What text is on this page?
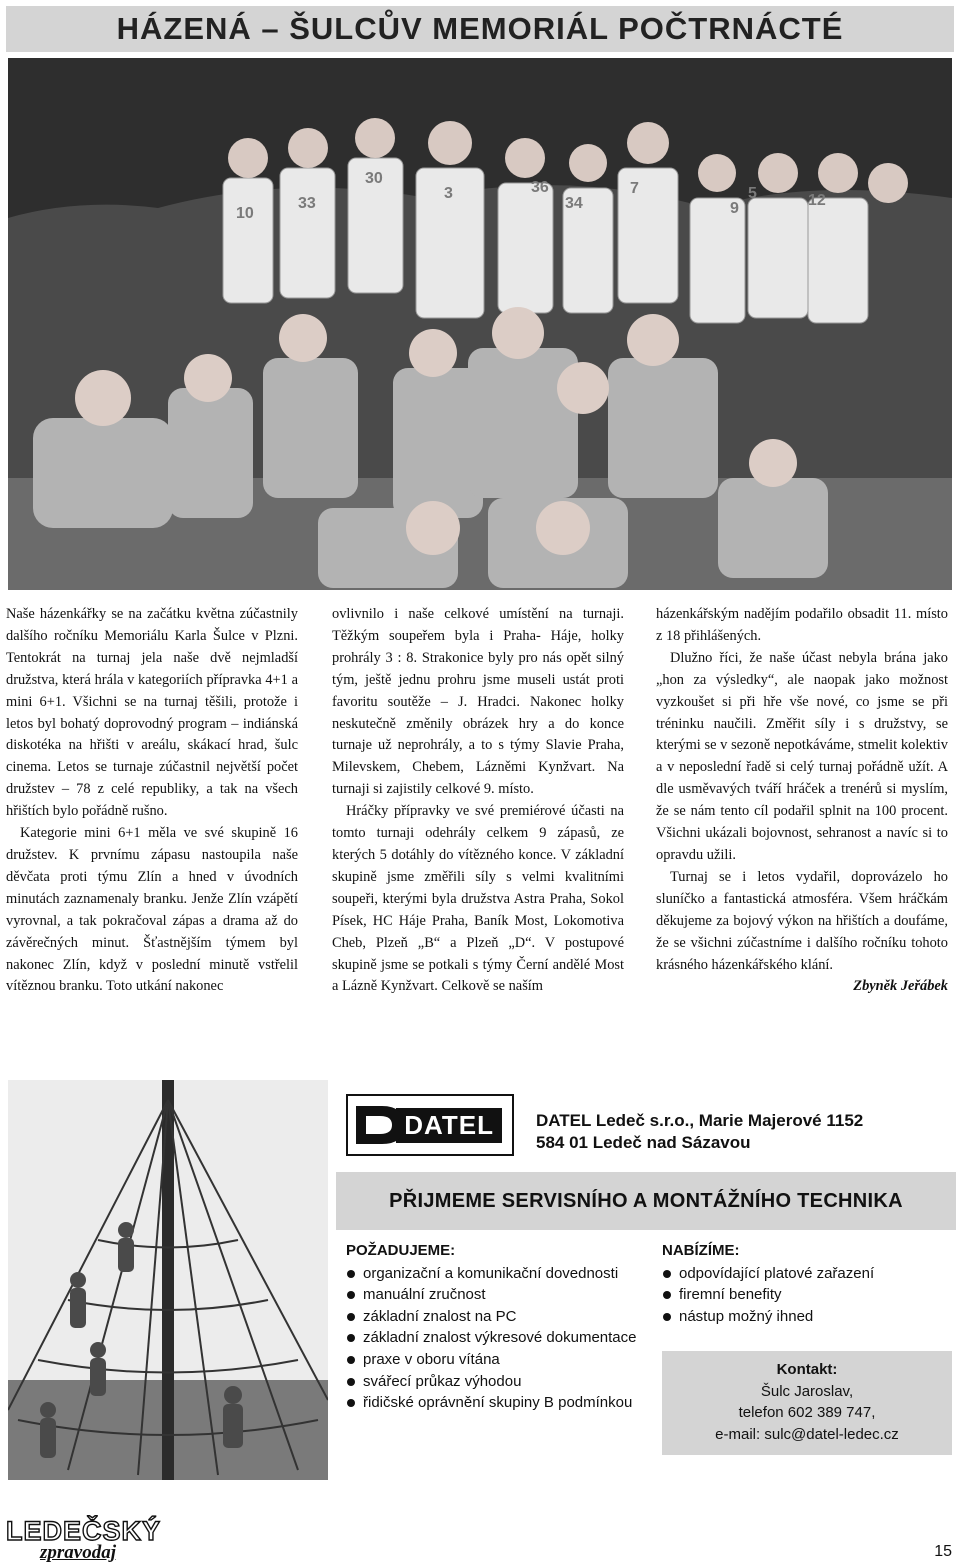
HÁZENÁ – ŠULCŮV MEMORIÁL POČTRNÁCTÉ
10
33
30
3	36
34
7
9
5	12

Naše házenkářky se na začátku května zúčastnily dalšího ročníku Memoriálu Karla Šulce v Plzni. Tentokrát na turnaj jela naše dvě nejmladší družstva, která hrála v kategoriích přípravka 4+1 a mini 6+1. Všichni se na turnaj těšili, protože i letos byl bohatý doprovodný program – indiánská diskotéka na hřišti v areálu, skákací hrad, šulc cinema. Letos se turnaje zúčastnil největší počet družstev – 78 z celé republiky, a tak na všech hřištích bylo pořádně rušno.

Kategorie mini 6+1 měla ve své skupině 16 družstev. K prvnímu zápasu nastoupila naše děvčata proti týmu Zlín a hned v úvodních minutách zaznamenaly branku. Jenže Zlín vzápětí vyrovnal, a tak pokračoval zápas a drama až do závěrečných minut. Šťastnějším týmem byl nakonec Zlín, když v poslední minutě vstřelil vítěznou branku. Toto utkání nakonec

ovlivnilo i naše celkové umístění na turnaji. Těžkým soupeřem byla i Praha- Háje, holky prohrály 3 : 8. Strakonice byly pro nás opět silný tým, ještě jednu prohru jsme museli ustát proti favoritu soutěže – J. Hradci. Nakonec holky neskutečně změnily obrázek hry a do konce turnaje už neprohrály, a to s týmy Slavie Praha, Milevskem, Chebem, Lázněmi Kynžvart. Na turnaji si zajistily celkové 9. místo.

Hráčky přípravky ve své premiérové účasti na tomto turnaji odehrály celkem 9 zápasů, ze kterých 5 dotáhly do vítězného konce. V základní skupině jsme změřili síly s velmi kvalitními soupeři, kterými byla družstva Astra Praha, Sokol Písek, HC Háje Praha, Baník Most, Lokomotiva Cheb, Plzeň „B“ a Plzeň „D“. V postupové skupině jsme se potkali s týmy Černí andělé Most a Lázně Kynžvart. Celkově se naším

házenkářským nadějím podařilo obsadit 11. místo z 18 přihlášených.

Dlužno říci, že naše účast nebyla brána jako „hon za výsledky“, ale naopak jako možnost vyzkoušet si při hře vše nové, co jsme se při tréninku naučili. Změřit síly i s družstvy, se kterými se v sezoně nepotkáváme, stmelit kolektiv a v neposlední řadě si celý turnaj pořádně užít. A dle usměvavých tváří hráček a trenérů si myslím, že se nám tento cíl podařil splnit na 100 procent. Všichni ukázali bojovnost, sehranost a navíc si to opravdu užili.

Turnaj se i letos vydařil, doprovázelo ho sluníčko a fantastická atmosféra. Všem hráčkám děkujeme za bojový výkon na hřištích a doufáme, že se všichni zúčastníme i dalšího ročníku tohoto krásného házenkářského klání.

Zbyněk Jeřábek

DATEL	DATEL Ledeč s.r.o., Marie Majerové 1152
584 01 Ledeč nad Sázavou
PŘIJMEME SERVISNÍHO A MONTÁŽNÍHO TECHNIKA
POŽADUJEME:
organizační a komunikační dovednosti
manuální zručnost
základní znalost na PC
základní znalost výkresové dokumentace
praxe v oboru vítána
svářecí průkaz výhodou
řidičské oprávnění skupiny B podmínkou
NABÍZÍME:
odpovídající platové zařazení
firemní benefity
nástup možný ihned
Kontakt:
Šulc Jaroslav,
telefon 602 389 747,
e-mail: sulc@datel-ledec.cz
LEDEČSKÝ
zpravodaj	15
